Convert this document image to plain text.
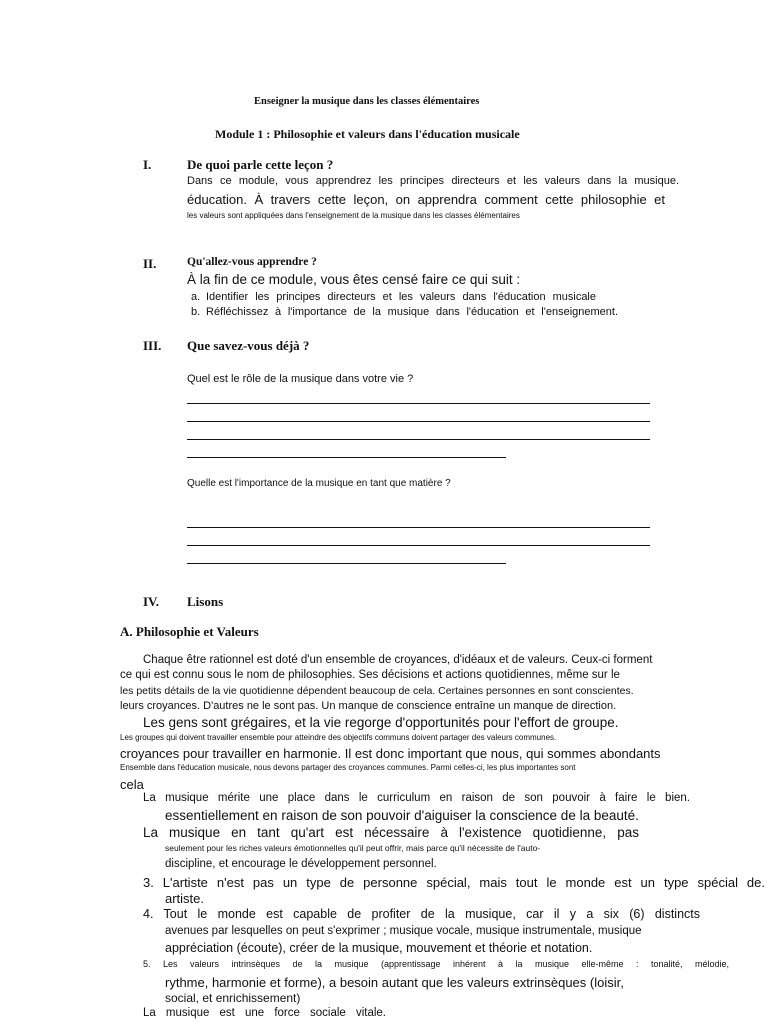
Enseigner la musique dans les classes élémentaires
Module 1 : Philosophie et valeurs dans l'éducation musicale
I.	De quoi parle cette leçon ?
Dans ce module, vous apprendrez les principes directeurs et les valeurs dans la musique.
éducation. À travers cette leçon, on apprendra comment cette philosophie et
les valeurs sont appliquées dans l'enseignement de la musique dans les classes élémentaires
II.	Qu'allez-vous apprendre ?
À la fin de ce module, vous êtes censé faire ce qui suit :
a. Identifier les principes directeurs et les valeurs dans l'éducation musicale
b. Réfléchissez à l'importance de la musique dans l'éducation et l'enseignement.
III. Que savez-vous déjà ?
Quel est le rôle de la musique dans votre vie ?
Quelle est l'importance de la musique en tant que matière ?
IV. Lisons
A. Philosophie et Valeurs
Chaque être rationnel est doté d'un ensemble de croyances, d'idéaux et de valeurs. Ceux-ci forment
ce qui est connu sous le nom de philosophies. Ses décisions et actions quotidiennes, même sur le
les petits détails de la vie quotidienne dépendent beaucoup de cela. Certaines personnes en sont conscientes.
leurs croyances. D'autres ne le sont pas. Un manque de conscience entraîne un manque de direction.
Les gens sont grégaires, et la vie regorge d'opportunités pour l'effort de groupe.
Les groupes qui doivent travailler ensemble pour atteindre des objectifs communs doivent partager des valeurs communes.
croyances pour travailler en harmonie. Il est donc important que nous, qui sommes abondants
Ensemble dans l'éducation musicale, nous devons partager des croyances communes. Parmi celles-ci, les plus importantes sont
cela
La musique mérite une place dans le curriculum en raison de son pouvoir à faire le bien.
essentiellement en raison de son pouvoir d'aiguiser la conscience de la beauté.
La musique en tant qu'art est nécessaire à l'existence quotidienne, pas
seulement pour les riches valeurs émotionnelles qu'il peut offrir, mais parce qu'il nécessite de l'auto-
discipline, et encourage le développement personnel.
3. L'artiste n'est pas un type de personne spécial, mais tout le monde est un type spécial de.
artiste.
4. Tout le monde est capable de profiter de la musique, car il y a six (6) distincts
avenues par lesquelles on peut s'exprimer ; musique vocale, musique instrumentale, musique
appréciation (écoute), créer de la musique, mouvement et théorie et notation.
5. Les valeurs intrinsèques de la musique (apprentissage inhérent à la musique elle-même : tonalité, mélodie,
rythme, harmonie et forme), a besoin autant que les valeurs extrinsèques (loisir,
social, et enrichissement)
La musique est une force sociale vitale.
